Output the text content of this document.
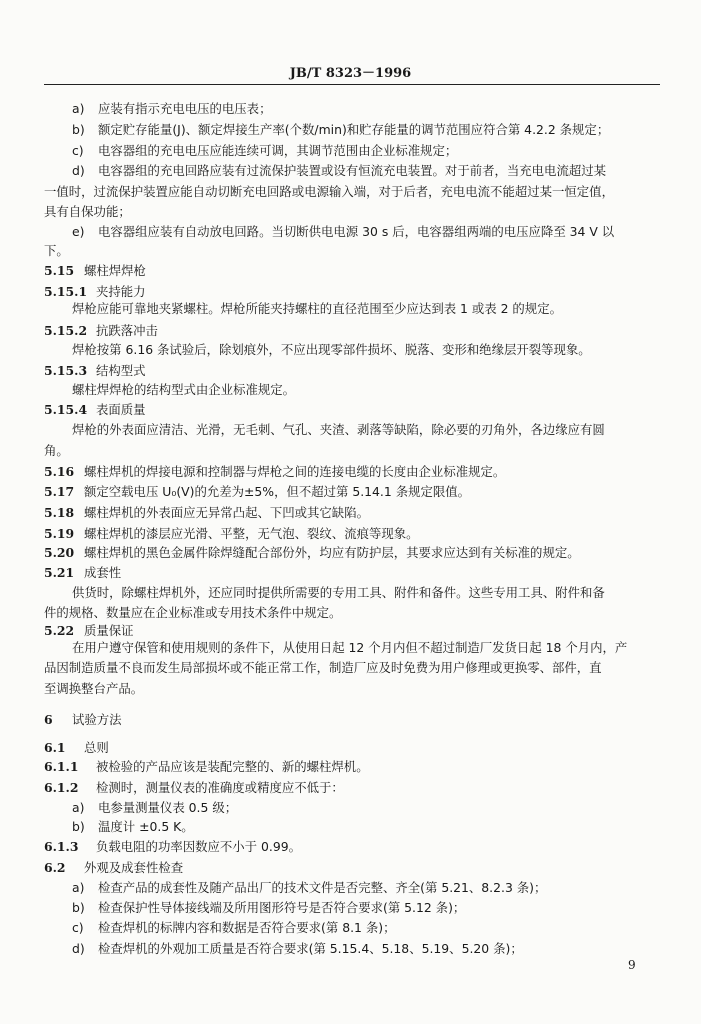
JB/T 8323－1996
a) 应装有指示充电电压的电压表；
b) 额定贮存能量(J)、额定焊接生产率(个数/min)和贮存能量的调节范围应符合第 4.2.2 条规定；
c) 电容器组的充电电压应能连续可调，其调节范围由企业标准规定；
d) 电容器组的充电回路应装有过流保护装置或设有恒流充电装置。对于前者，当充电电流超过某
一值时，过流保护装置应能自动切断充电回路或电源输入端，对于后者，充电电流不能超过某一恒定值，
具有自保功能；
e) 电容器组应装有自动放电回路。当切断供电电源 30 s 后，电容器组两端的电压应降至 34 V 以
下。
5.15 螺柱焊焊枪
5.15.1 夹持能力
焊枪应能可靠地夹紧螺柱。焊枪所能夹持螺柱的直径范围至少应达到表 1 或表 2 的规定。
5.15.2 抗跌落冲击
焊枪按第 6.16 条试验后，除划痕外，不应出现零部件损坏、脱落、变形和绝缘层开裂等现象。
5.15.3 结构型式
螺柱焊焊枪的结构型式由企业标准规定。
5.15.4 表面质量
焊枪的外表面应清洁、光滑，无毛刺、气孔、夹渣、剥落等缺陷，除必要的刃角外，各边缘应有圆
角。
5.16 螺柱焊机的焊接电源和控制器与焊枪之间的连接电缆的长度由企业标准规定。
5.17 额定空载电压 U₀(V)的允差为±5%，但不超过第 5.14.1 条规定限值。
5.18 螺柱焊机的外表面应无异常凸起、下凹或其它缺陷。
5.19 螺柱焊机的漆层应光滑、平整，无气泡、裂纹、流痕等现象。
5.20 螺柱焊机的黑色金属件除焊缝配合部份外，均应有防护层，其要求应达到有关标准的规定。
5.21 成套性
供货时，除螺柱焊机外，还应同时提供所需要的专用工具、附件和备件。这些专用工具、附件和备
件的规格、数量应在企业标准或专用技术条件中规定。
5.22 质量保证
在用户遵守保管和使用规则的条件下，从使用日起 12 个月内但不超过制造厂发货日起 18 个月内，产
品因制造质量不良而发生局部损坏或不能正常工作，制造厂应及时免费为用户修理或更换零、部件，直
至调换整台产品。
6 试验方法
6.1 总则
6.1.1 被检验的产品应该是装配完整的、新的螺柱焊机。
6.1.2 检测时，测量仪表的准确度或精度应不低于：
a) 电参量测量仪表 0.5 级；
b) 温度计 ±0.5 K。
6.1.3 负载电阻的功率因数应不小于 0.99。
6.2 外观及成套性检查
a) 检查产品的成套性及随产品出厂的技术文件是否完整、齐全(第 5.21、8.2.3 条)；
b) 检查保护性导体接线端及所用图形符号是否符合要求(第 5.12 条)；
c) 检查焊机的标牌内容和数据是否符合要求(第 8.1 条)；
d) 检查焊机的外观加工质量是否符合要求(第 5.15.4、5.18、5.19、5.20 条)；
9
